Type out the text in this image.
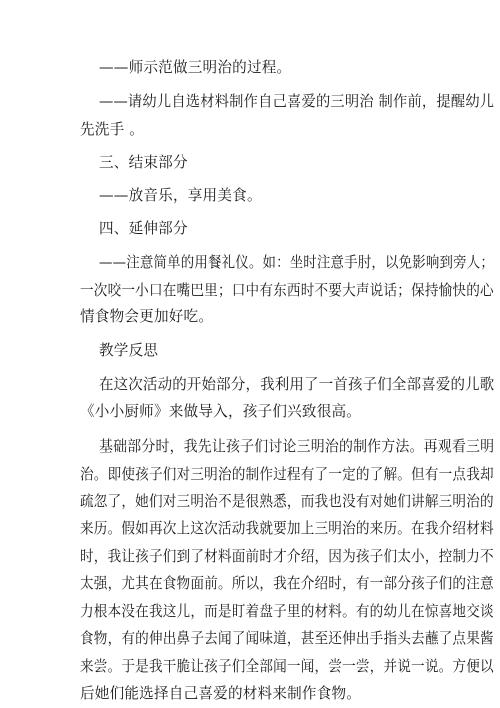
——师示范做三明治的过程。
——请幼儿自选材料制作自己喜爱的三明治 制作前，提醒幼儿
先洗手 。
三、结束部分
——放音乐，享用美食。
四、延伸部分
——注意简单的用餐礼仪。如：坐时注意手肘，以免影响到旁人；
一次咬一小口在嘴巴里；口中有东西时不要大声说话；保持愉快的心
情食物会更加好吃。
教学反思
在这次活动的开始部分，我利用了一首孩子们全部喜爱的儿歌
《小小厨师》来做导入，孩子们兴致很高。
基础部分时，我先让孩子们讨论三明治的制作方法。再观看三明
治。即使孩子们对三明治的制作过程有了一定的了解。但有一点我却
疏忽了，她们对三明治不是很熟悉，而我也没有对她们讲解三明治的
来历。假如再次上这次活动我就要加上三明治的来历。在我介绍材料
时，我让孩子们到了材料面前时才介绍，因为孩子们太小，控制力不
太强，尤其在食物面前。所以，我在介绍时，有一部分孩子们的注意
力根本没在我这儿，而是盯着盘子里的材料。有的幼儿在惊喜地交谈
食物，有的伸出鼻子去闻了闻味道，甚至还伸出手指头去蘸了点果酱
来尝。于是我干脆让孩子们全部闻一闻，尝一尝，并说一说。方便以
后她们能选择自己喜爱的材料来制作食物。
